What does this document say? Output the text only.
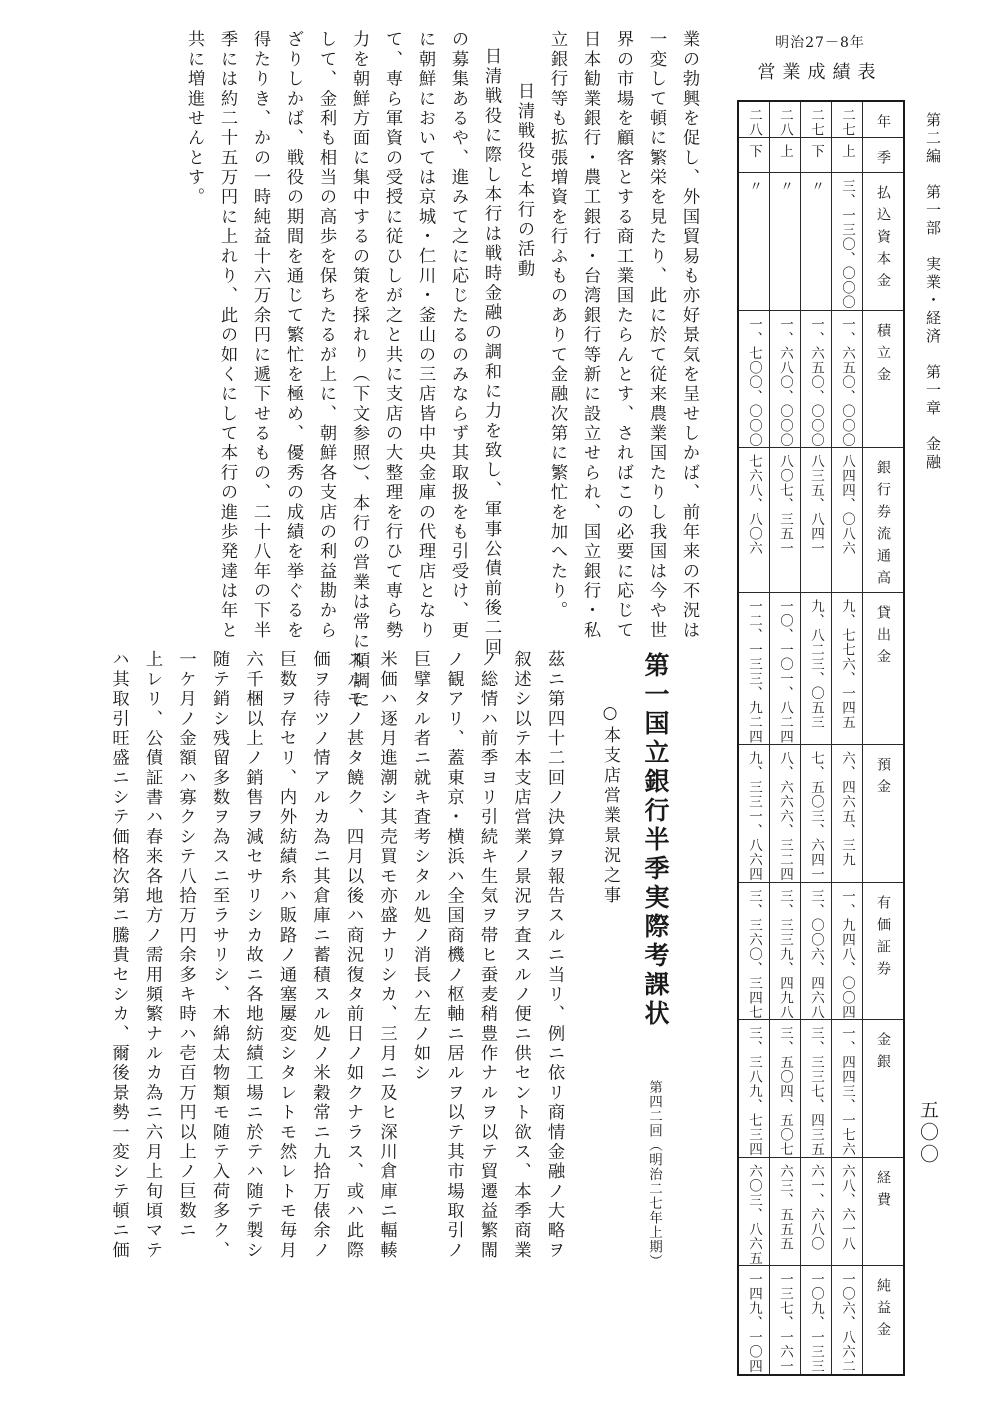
第二編　第一部　実業・経済　第一章　金融
五〇〇
明治27－8年
営業成績表
二八	二八	二七	二七	年

下	上	下	上	季

〃	〃	〃	三、一三〇、〇〇〇	払込資本金

一、七〇〇、〇〇〇	一、六八〇、〇〇〇	一、六五〇、〇〇〇	一、六五〇、〇〇〇	積立金

七六八、八〇六	八〇七、三五一	八三五、八四一	八四四、〇八六	銀行券流通高

一二、一三三、九二四	一〇、一〇一、八二四	九、八二三、〇五三	九、七七六、一四五	貸出金

九、三三一、八六四	八、六六六、三二四	七、五〇三、六四一	六、四六五、三九	預金

三、三六〇、三四七	三、三三九、四九八	三、〇〇六、四六八	一、九四八、〇〇四	有価証券

三、三八九、七三四	三、五〇四、五〇七	三、三三七、四三五	一、四四三、一七六	金銀

六〇三、八六五	六三、五五五	六一、六八〇	六八、六一八	経費

一四九、一〇四	一三七、一六一	一〇九、一三三	一〇六、八六二	純益金

業の勃興を促し、外国貿易も亦好景気を呈せしかば、前年来の不況は

一変して頓に繁栄を見たり、此に於て従来農業国たりし我国は今や世

界の市場を顧客とする商工業国たらんとす、さればこの必要に応じて

日本勧業銀行・農工銀行・台湾銀行等新に設立せられ、国立銀行・私

立銀行等も拡張増資を行ふものありて金融次第に繁忙を加へたり。

日清戦役と本行の活動

日清戦役に際し本行は戦時金融の調和に力を致し、軍事公債前後二回

の募集あるや、進みて之に応じたるのみならず其取扱をも引受け、更

に朝鮮においては京城・仁川・釜山の三店皆中央金庫の代理店となり

て、専ら軍資の受授に従ひしが之と共に支店の大整理を行ひて専ら勢

力を朝鮮方面に集中するの策を採れり（下文参照）、本行の営業は常に順調に

して、金利も相当の高歩を保ちたるが上に、朝鮮各支店の利益勘から

ざりしかば、戦役の期間を通じて繁忙を極め、優秀の成績を挙ぐるを

得たりき、かの一時純益十六万余円に遞下せるもの、二十八年の下半

季には約二十五万円に上れり、此の如くにして本行の進歩発達は年と

共に増進せんとす。

第一国立銀行半季実際考課状
第四二回（明治二七年上期）
○本支店営業景況之事

茲ニ第四十二回ノ決算ヲ報告スルニ当リ、例ニ依リ商情金融ノ大略ヲ

叙述シ以テ本支店営業ノ景況ヲ査スルノ便ニ供セント欲ス、本季商業

ノ総情ハ前季ヨリ引続キ生気ヲ帯ヒ蚕麦稍豊作ナルヲ以テ貿遷益繁閙

ノ観アリ、蓋東京・横浜ハ全国商機ノ枢軸ニ居ルヲ以テ其市場取引ノ

巨擘タル者ニ就キ査考シタル処ノ消長ハ左ノ如シ

米価ハ逐月進潮シ其売買モ亦盛ナリシカ、三月ニ及ヒ深川倉庫ニ輻輳

スルモノ甚タ饒ク、四月以後ハ商況復タ前日ノ如クナラス、或ハ此際

価ヲ待ツノ情アルカ為ニ其倉庫ニ蓄積スル処ノ米穀常ニ九拾万俵余ノ

巨数ヲ存セリ、内外紡績糸ハ販路ノ通塞屢変シタレトモ然レトモ毎月

六千梱以上ノ銷售ヲ減セサリシカ故ニ各地紡績工場ニ於テハ随テ製シ

随テ銷シ残留多数ヲ為スニ至ラサリシ、木綿太物類モ随テ入荷多ク、

一ケ月ノ金額ハ寡クシテ八拾万円余多キ時ハ壱百万円以上ノ巨数ニ

上レリ、公債証書ハ春来各地方ノ需用頻繁ナルカ為ニ六月上旬頃マテ

ハ其取引旺盛ニシテ価格次第ニ騰貴セシカ、爾後景勢一変シテ頓ニ価
